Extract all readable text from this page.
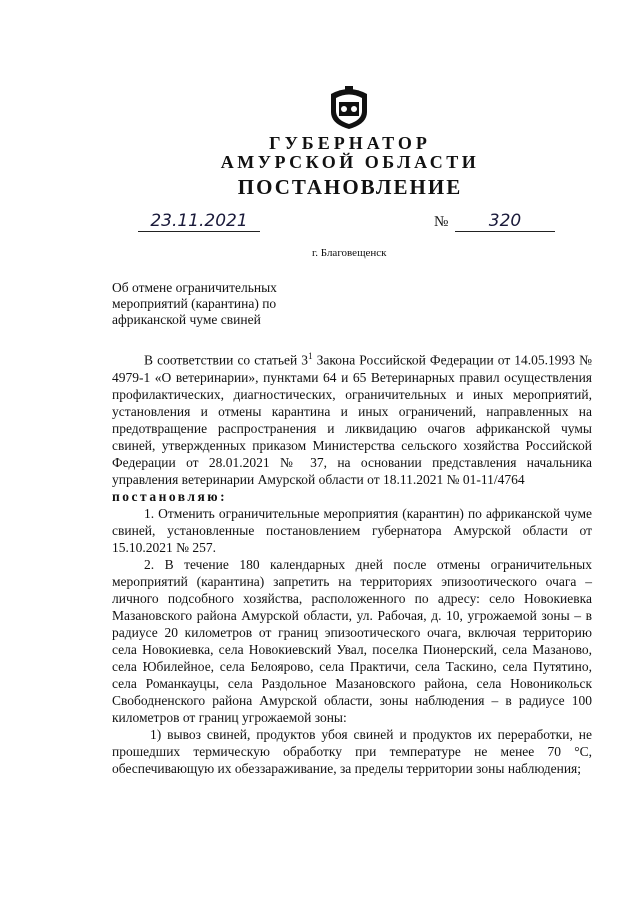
ГУБЕРНАТОР
АМУРСКОЙ ОБЛАСТИ
ПОСТАНОВЛЕНИЕ
23.11.2021	№	320
г. Благовещенск
Об отмене ограничительных мероприятий (карантина) по африканской чуме свиней

В соответствии со статьей $3^1$ Закона Российской Федерации от 14.05.1993 № 4979-1 «О ветеринарии», пунктами 64 и 65 Ветеринарных правил осуществления профилактических, диагностических, ограничительных и иных мероприятий, установления и отмены карантина и иных ограничений, направленных на предотвращение распространения и ликвидацию очагов африканской чумы свиней, утвержденных приказом Министерства сельского хозяйства Российской Федерации от 28.01.2021 № 37, на основании представления начальника управления ветеринарии Амурской области от 18.11.2021 № 01-11/4764

постановляю:

1. Отменить ограничительные мероприятия (карантин) по африканской чуме свиней, установленные постановлением губернатора Амурской области от 15.10.2021 № 257.

2. В течение 180 календарных дней после отмены ограничительных мероприятий (карантина) запретить на территориях эпизоотического очага – личного подсобного хозяйства, расположенного по адресу: село Новокиевка Мазановского района Амурской области, ул. Рабочая, д. 10, угрожаемой зоны – в радиусе 20 километров от границ эпизоотического очага, включая территорию села Новокиевка, села Новокиевский Увал, поселка Пионерский, села Мазаново, села Юбилейное, села Белоярово, села Практичи, села Таскино, села Путятино, села Романкауцы, села Раздольное Мазановского района, села Новоникольск Свободненского района Амурской области, зоны наблюдения – в радиусе 100 километров от границ угрожаемой зоны:

1) вывоз свиней, продуктов убоя свиней и продуктов их переработки, не прошедших термическую обработку при температуре не менее 70 °С, обеспечивающую их обеззараживание, за пределы территории зоны наблюдения;
